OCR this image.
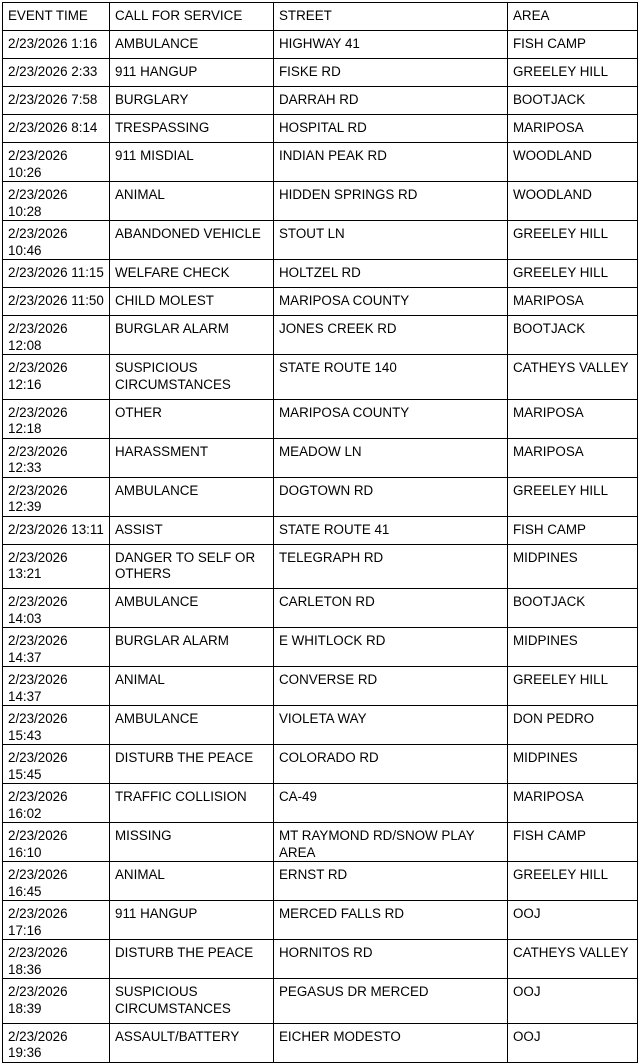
EVENT TIME	CALL FOR SERVICE	STREET	AREA
2/23/2026 1:16	AMBULANCE	HIGHWAY 41	FISH CAMP
2/23/2026 2:33	911 HANGUP	FISKE RD	GREELEY HILL
2/23/2026 7:58	BURGLARY	DARRAH RD	BOOTJACK
2/23/2026 8:14	TRESPASSING	HOSPITAL RD	MARIPOSA
2/23/2026 10:26	911 MISDIAL	INDIAN PEAK RD	WOODLAND
2/23/2026 10:28	ANIMAL	HIDDEN SPRINGS RD	WOODLAND
2/23/2026 10:46	ABANDONED VEHICLE	STOUT LN	GREELEY HILL
2/23/2026 11:15	WELFARE CHECK	HOLTZEL RD	GREELEY HILL
2/23/2026 11:50	CHILD MOLEST	MARIPOSA COUNTY	MARIPOSA
2/23/2026 12:08	BURGLAR ALARM	JONES CREEK RD	BOOTJACK
2/23/2026 12:16	SUSPICIOUS CIRCUMSTANCES	STATE ROUTE 140	CATHEYS VALLEY
2/23/2026 12:18	OTHER	MARIPOSA COUNTY	MARIPOSA
2/23/2026 12:33	HARASSMENT	MEADOW LN	MARIPOSA
2/23/2026 12:39	AMBULANCE	DOGTOWN RD	GREELEY HILL
2/23/2026 13:11	ASSIST	STATE ROUTE 41	FISH CAMP
2/23/2026 13:21	DANGER TO SELF OR OTHERS	TELEGRAPH RD	MIDPINES
2/23/2026 14:03	AMBULANCE	CARLETON RD	BOOTJACK
2/23/2026 14:37	BURGLAR ALARM	E WHITLOCK RD	MIDPINES
2/23/2026 14:37	ANIMAL	CONVERSE RD	GREELEY HILL
2/23/2026 15:43	AMBULANCE	VIOLETA WAY	DON PEDRO
2/23/2026 15:45	DISTURB THE PEACE	COLORADO RD	MIDPINES
2/23/2026 16:02	TRAFFIC COLLISION	CA-49	MARIPOSA
2/23/2026 16:10	MISSING	MT RAYMOND RD/SNOW PLAY AREA	FISH CAMP
2/23/2026 16:45	ANIMAL	ERNST RD	GREELEY HILL
2/23/2026 17:16	911 HANGUP	MERCED FALLS RD	OOJ
2/23/2026 18:36	DISTURB THE PEACE	HORNITOS RD	CATHEYS VALLEY
2/23/2026 18:39	SUSPICIOUS CIRCUMSTANCES	PEGASUS DR MERCED	OOJ
2/23/2026 19:36	ASSAULT/BATTERY	EICHER MODESTO	OOJ
